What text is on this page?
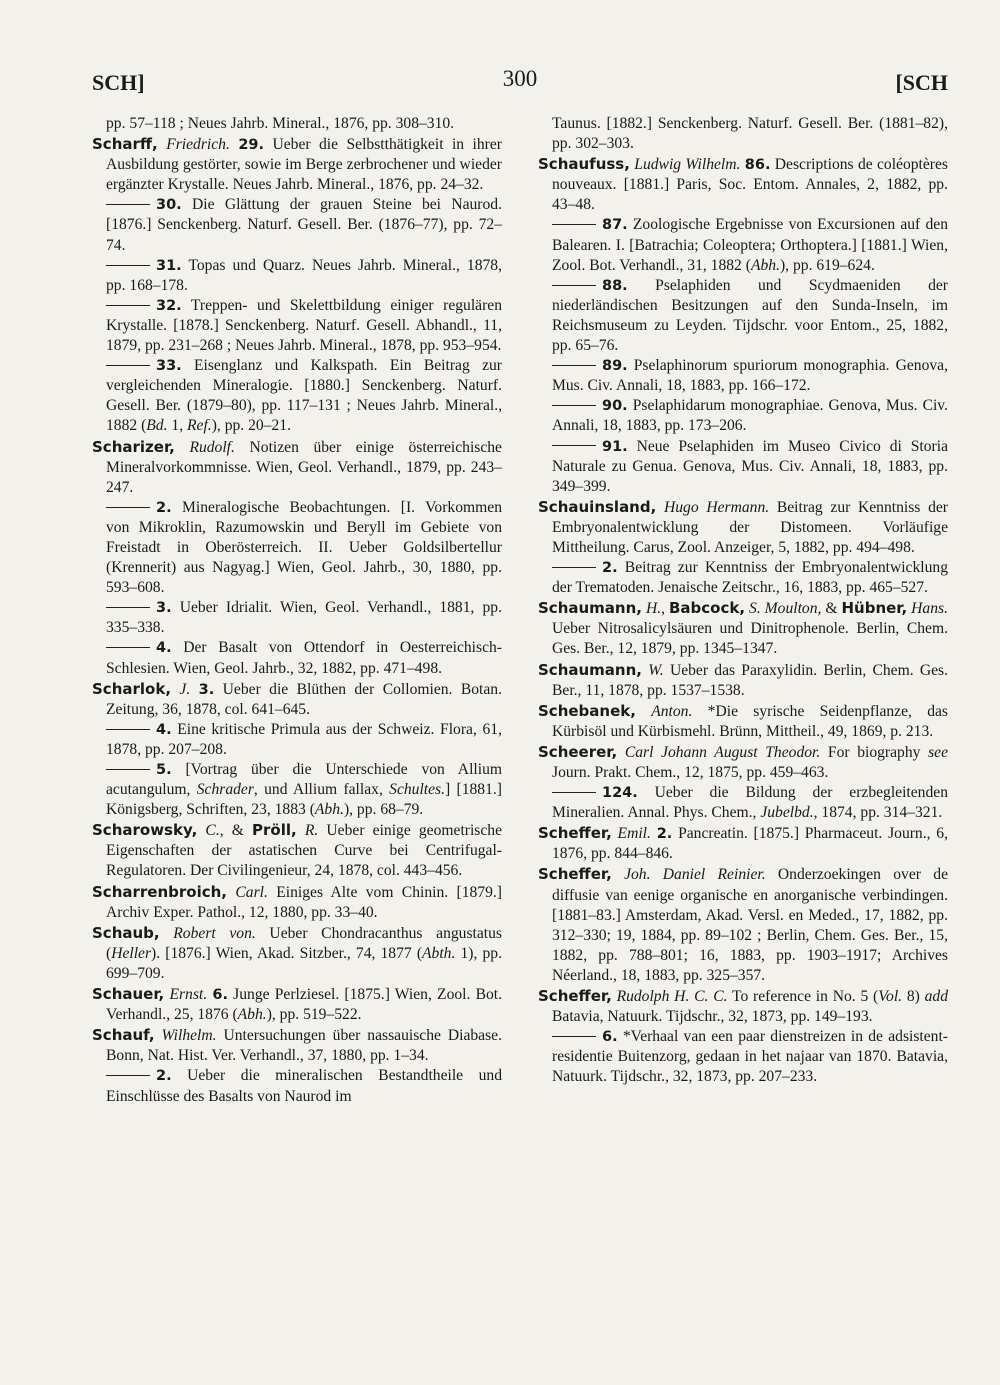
SCH]	300	[SCH

pp. 57–118 ; Neues Jahrb. Mineral., 1876, pp. 308–310.

Scharff, Friedrich. 29. Ueber die Selbstthätigkeit in ihrer Ausbildung gestörter, sowie im Berge zerbrochener und wieder ergänzter Krystalle. Neues Jahrb. Mineral., 1876, pp. 24–32.

30. Die Glättung der grauen Steine bei Naurod. [1876.] Senckenberg. Naturf. Gesell. Ber. (1876–77), pp. 72–74.

31. Topas und Quarz. Neues Jahrb. Mineral., 1878, pp. 168–178.

32. Treppen- und Skelettbildung einiger regulären Krystalle. [1878.] Senckenberg. Naturf. Gesell. Abhandl., 11, 1879, pp. 231–268 ; Neues Jahrb. Mineral., 1878, pp. 953–954.

33. Eisenglanz und Kalkspath. Ein Beitrag zur vergleichenden Mineralogie. [1880.] Senckenberg. Naturf. Gesell. Ber. (1879–80), pp. 117–131 ; Neues Jahrb. Mineral., 1882 (Bd. 1, Ref.), pp. 20–21.

Scharizer, Rudolf. Notizen über einige österreichische Mineralvorkommnisse. Wien, Geol. Verhandl., 1879, pp. 243–247.

2. Mineralogische Beobachtungen. [I. Vorkommen von Mikroklin, Razumowskin und Beryll im Gebiete von Freistadt in Oberösterreich. II. Ueber Goldsilbertellur (Krennerit) aus Nagyag.] Wien, Geol. Jahrb., 30, 1880, pp. 593–608.

3. Ueber Idrialit. Wien, Geol. Verhandl., 1881, pp. 335–338.

4. Der Basalt von Ottendorf in Oesterreichisch-Schlesien. Wien, Geol. Jahrb., 32, 1882, pp. 471–498.

Scharlok, J. 3. Ueber die Blüthen der Collomien. Botan. Zeitung, 36, 1878, col. 641–645.

4. Eine kritische Primula aus der Schweiz. Flora, 61, 1878, pp. 207–208.

5. [Vortrag über die Unterschiede von Allium acutangulum, Schrader, und Allium fallax, Schultes.] [1881.] Königsberg, Schriften, 23, 1883 (Abh.), pp. 68–79.

Scharowsky, C., & Pröll, R. Ueber einige geometrische Eigenschaften der astatischen Curve bei Centrifugal-Regulatoren. Der Civilingenieur, 24, 1878, col. 443–456.

Scharrenbroich, Carl. Einiges Alte vom Chinin. [1879.] Archiv Exper. Pathol., 12, 1880, pp. 33–40.

Schaub, Robert von. Ueber Chondracanthus angustatus (Heller). [1876.] Wien, Akad. Sitzber., 74, 1877 (Abth. 1), pp. 699–709.

Schauer, Ernst. 6. Junge Perlziesel. [1875.] Wien, Zool. Bot. Verhandl., 25, 1876 (Abh.), pp. 519–522.

Schauf, Wilhelm. Untersuchungen über nassauische Diabase. Bonn, Nat. Hist. Ver. Verhandl., 37, 1880, pp. 1–34.

2. Ueber die mineralischen Bestandtheile und Einschlüsse des Basalts von Naurod im

Taunus. [1882.] Senckenberg. Naturf. Gesell. Ber. (1881–82), pp. 302–303.

Schaufuss, Ludwig Wilhelm. 86. Descriptions de coléoptères nouveaux. [1881.] Paris, Soc. Entom. Annales, 2, 1882, pp. 43–48.

87. Zoologische Ergebnisse von Excursionen auf den Balearen. I. [Batrachia; Coleoptera; Orthoptera.] [1881.] Wien, Zool. Bot. Verhandl., 31, 1882 (Abh.), pp. 619–624.

88. Pselaphiden und Scydmaeniden der niederländischen Besitzungen auf den Sunda-Inseln, im Reichsmuseum zu Leyden. Tijdschr. voor Entom., 25, 1882, pp. 65–76.

89. Pselaphinorum spuriorum monographia. Genova, Mus. Civ. Annali, 18, 1883, pp. 166–172.

90. Pselaphidarum monographiae. Genova, Mus. Civ. Annali, 18, 1883, pp. 173–206.

91. Neue Pselaphiden im Museo Civico di Storia Naturale zu Genua. Genova, Mus. Civ. Annali, 18, 1883, pp. 349–399.

Schauinsland, Hugo Hermann. Beitrag zur Kenntniss der Embryonalentwicklung der Distomeen. Vorläufige Mittheilung. Carus, Zool. Anzeiger, 5, 1882, pp. 494–498.

2. Beitrag zur Kenntniss der Embryonalentwicklung der Trematoden. Jenaische Zeitschr., 16, 1883, pp. 465–527.

Schaumann, H., Babcock, S. Moulton, & Hübner, Hans. Ueber Nitrosalicylsäuren und Dinitrophenole. Berlin, Chem. Ges. Ber., 12, 1879, pp. 1345–1347.

Schaumann, W. Ueber das Paraxylidin. Berlin, Chem. Ges. Ber., 11, 1878, pp. 1537–1538.

Schebanek, Anton. *Die syrische Seidenpflanze, das Kürbisöl und Kürbismehl. Brünn, Mittheil., 49, 1869, p. 213.

Scheerer, Carl Johann August Theodor. For biography see Journ. Prakt. Chem., 12, 1875, pp. 459–463.

124. Ueber die Bildung der erzbegleitenden Mineralien. Annal. Phys. Chem., Jubelbd., 1874, pp. 314–321.

Scheffer, Emil. 2. Pancreatin. [1875.] Pharmaceut. Journ., 6, 1876, pp. 844–846.

Scheffer, Joh. Daniel Reinier. Onderzoekingen over de diffusie van eenige organische en anorganische verbindingen. [1881–83.] Amsterdam, Akad. Versl. en Meded., 17, 1882, pp. 312–330; 19, 1884, pp. 89–102 ; Berlin, Chem. Ges. Ber., 15, 1882, pp. 788–801; 16, 1883, pp. 1903–1917; Archives Néerland., 18, 1883, pp. 325–357.

Scheffer, Rudolph H. C. C. To reference in No. 5 (Vol. 8) add Batavia, Natuurk. Tijdschr., 32, 1873, pp. 149–193.

6. *Verhaal van een paar dienstreizen in de adsistent-residentie Buitenzorg, gedaan in het najaar van 1870. Batavia, Natuurk. Tijdschr., 32, 1873, pp. 207–233.
